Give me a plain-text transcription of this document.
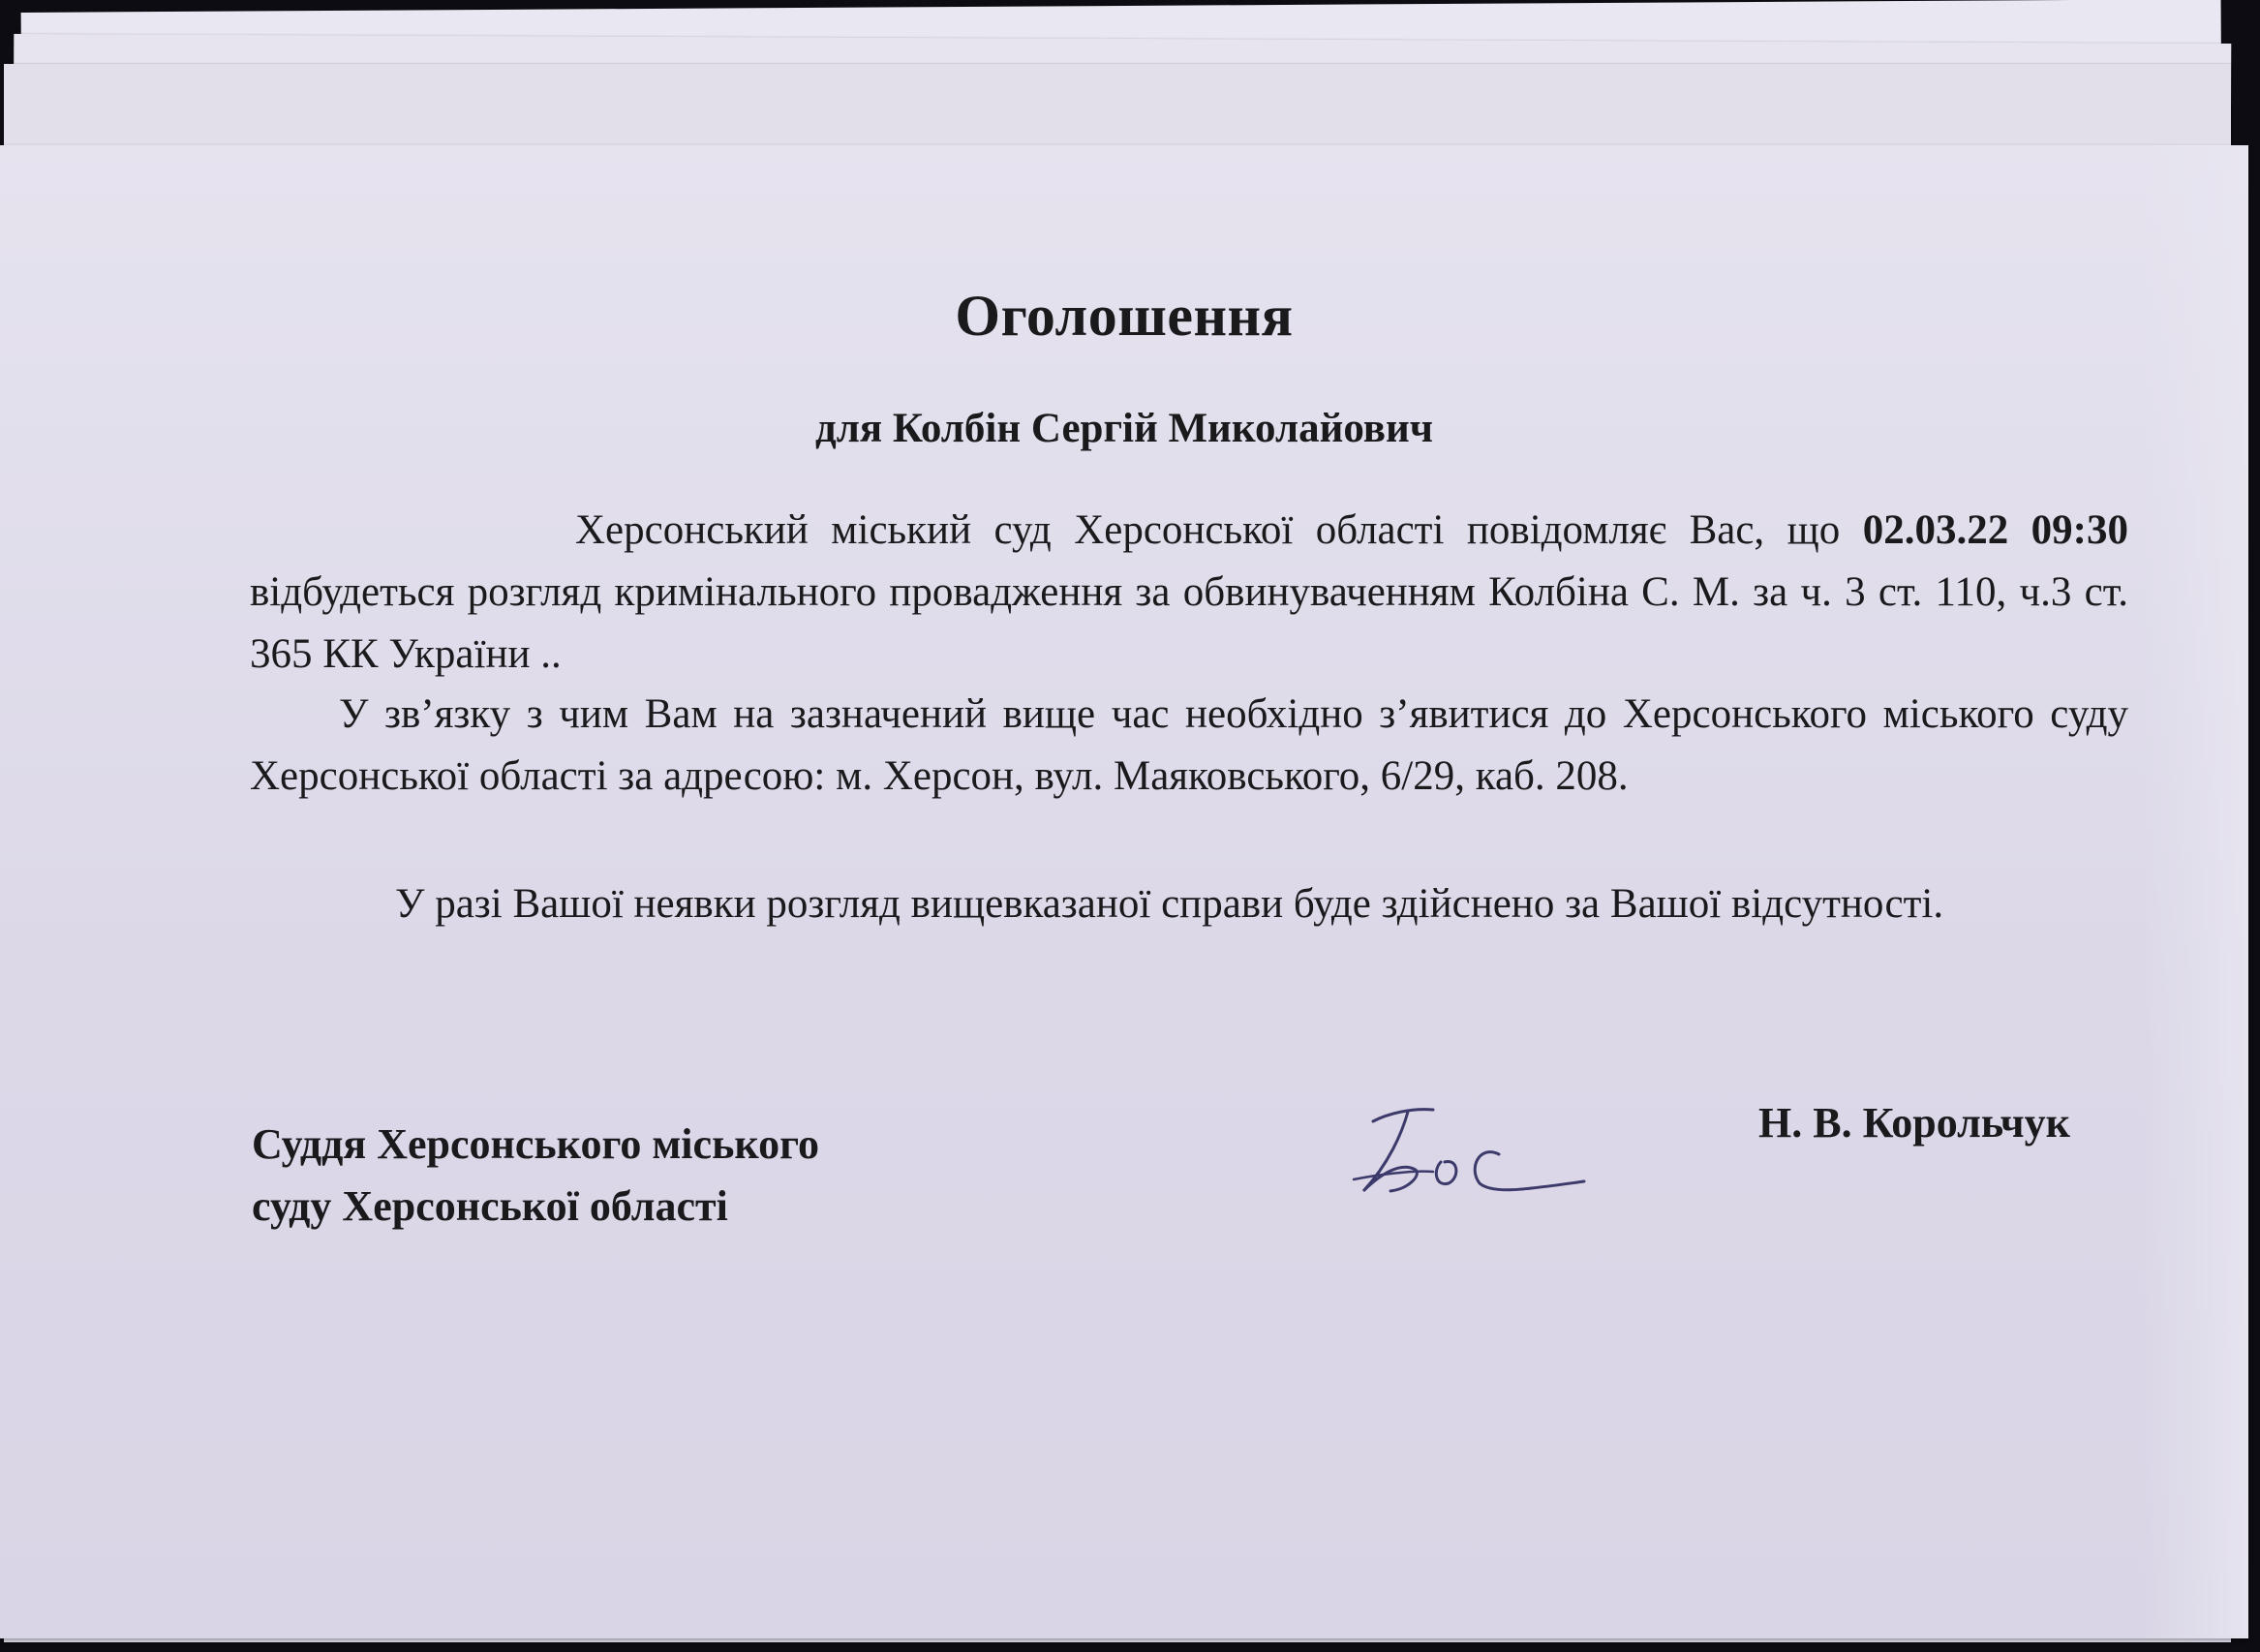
Оголошення
для Колбін Сергій Миколайович

Херсонський міський суд Херсонської області повідомляє Вас, що 02.03.22 09:30 відбудеться розгляд кримінального провадження за обвинуваченням Колбіна С. М. за ч. 3 ст. 110, ч.3 ст. 365 КК України ..

У зв’язку з чим Вам на зазначений вище час необхідно з’явитися до Херсонського міського суду Херсонської області за адресою: м. Херсон, вул. Маяковського, 6/29, каб. 208.

У разі Вашої неявки розгляд вищевказаної справи буде здійснено за Вашої відсутності.

Суддя Херсонського міського
суду Херсонської області
Н. В. Корольчук
